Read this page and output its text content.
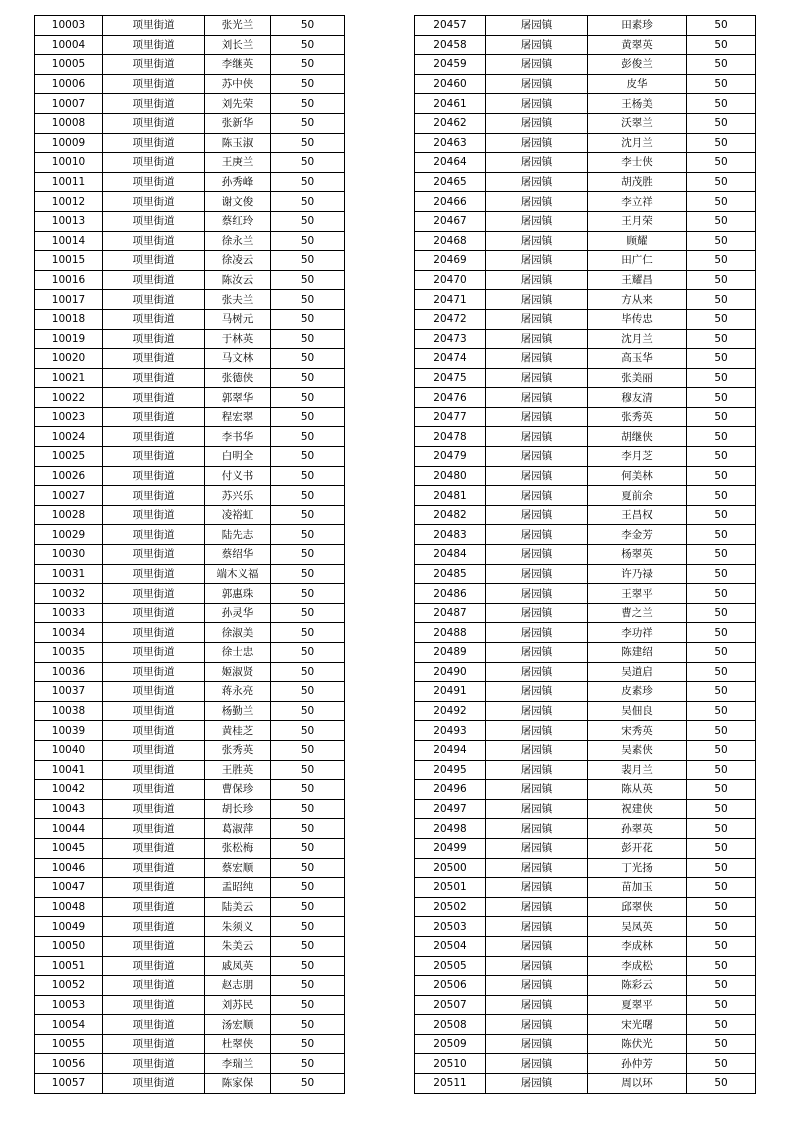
10003	项里街道	张光兰	50
10004	项里街道	刘长兰	50
10005	项里街道	李继英	50
10006	项里街道	苏中侠	50
10007	项里街道	刘先荣	50
10008	项里街道	张新华	50
10009	项里街道	陈玉淑	50
10010	项里街道	王庚兰	50
10011	项里街道	孙秀峰	50
10012	项里街道	谢文俊	50
10013	项里街道	蔡红玲	50
10014	项里街道	徐永兰	50
10015	项里街道	徐凌云	50
10016	项里街道	陈汝云	50
10017	项里街道	张夫兰	50
10018	项里街道	马树元	50
10019	项里街道	于林英	50
10020	项里街道	马文林	50
10021	项里街道	张德侠	50
10022	项里街道	郭翠华	50
10023	项里街道	程宏翠	50
10024	项里街道	李书华	50
10025	项里街道	白明全	50
10026	项里街道	付义书	50
10027	项里街道	苏兴乐	50
10028	项里街道	凌裕虹	50
10029	项里街道	陆先志	50
10030	项里街道	蔡绍华	50
10031	项里街道	端木义福	50
10032	项里街道	郭惠珠	50
10033	项里街道	孙灵华	50
10034	项里街道	徐淑美	50
10035	项里街道	徐士忠	50
10036	项里街道	姬淑贤	50
10037	项里街道	蒋永亮	50
10038	项里街道	杨勤兰	50
10039	项里街道	黄桂芝	50
10040	项里街道	张秀英	50
10041	项里街道	王胜英	50
10042	项里街道	曹保珍	50
10043	项里街道	胡长珍	50
10044	项里街道	葛淑萍	50
10045	项里街道	张松梅	50
10046	项里街道	蔡宏顺	50
10047	项里街道	盂昭纯	50
10048	项里街道	陆美云	50
10049	项里街道	朱须义	50
10050	项里街道	朱美云	50
10051	项里街道	戚凤英	50
10052	项里街道	赵志朋	50
10053	项里街道	刘苏民	50
10054	项里街道	汤宏顺	50
10055	项里街道	杜翠侠	50
10056	项里街道	李瑞兰	50
10057	项里街道	陈家保	50
20457	屠园镇	田素珍	50
20458	屠园镇	黄翠英	50
20459	屠园镇	彭俊兰	50
20460	屠园镇	皮华	50
20461	屠园镇	王杨美	50
20462	屠园镇	沃翠兰	50
20463	屠园镇	沈月兰	50
20464	屠园镇	李士侠	50
20465	屠园镇	胡茂胜	50
20466	屠园镇	李立祥	50
20467	屠园镇	王月荣	50
20468	屠园镇	顾耀	50
20469	屠园镇	田广仁	50
20470	屠园镇	王耀昌	50
20471	屠园镇	方从来	50
20472	屠园镇	毕传忠	50
20473	屠园镇	沈月兰	50
20474	屠园镇	高玉华	50
20475	屠园镇	张美丽	50
20476	屠园镇	穆友清	50
20477	屠园镇	张秀英	50
20478	屠园镇	胡继侠	50
20479	屠园镇	李月芝	50
20480	屠园镇	何美林	50
20481	屠园镇	夏前余	50
20482	屠园镇	王昌权	50
20483	屠园镇	李金芳	50
20484	屠园镇	杨翠英	50
20485	屠园镇	许乃禄	50
20486	屠园镇	王翠平	50
20487	屠园镇	曹之兰	50
20488	屠园镇	李功祥	50
20489	屠园镇	陈建绍	50
20490	屠园镇	吴道启	50
20491	屠园镇	皮素珍	50
20492	屠园镇	吴佃良	50
20493	屠园镇	宋秀英	50
20494	屠园镇	吴素侠	50
20495	屠园镇	裴月兰	50
20496	屠园镇	陈从英	50
20497	屠园镇	祝建侠	50
20498	屠园镇	孙翠英	50
20499	屠园镇	彭开花	50
20500	屠园镇	丁光扬	50
20501	屠园镇	苗加玉	50
20502	屠园镇	邱翠侠	50
20503	屠园镇	吴凤英	50
20504	屠园镇	李成林	50
20505	屠园镇	李成松	50
20506	屠园镇	陈彩云	50
20507	屠园镇	夏翠平	50
20508	屠园镇	宋光曙	50
20509	屠园镇	陈伏光	50
20510	屠园镇	孙仲芳	50
20511	屠园镇	周以环	50
